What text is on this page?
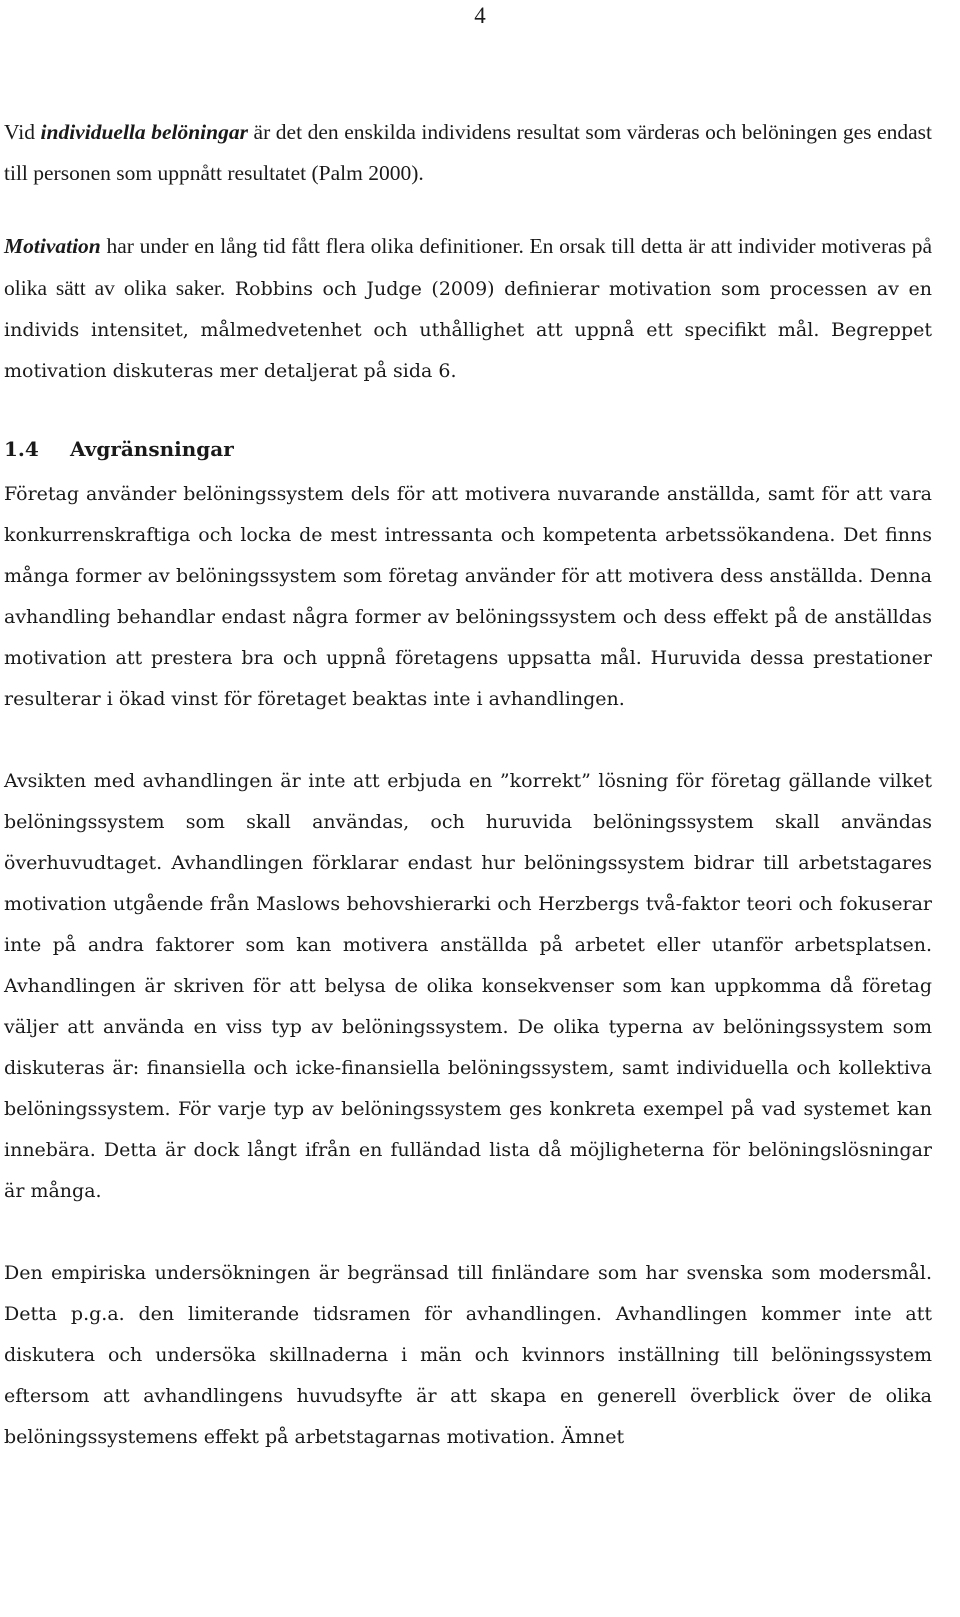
4

Vid individuella belöningar är det den enskilda individens resultat som värderas och belöningen ges endast till personen som uppnått resultatet (Palm 2000).

Motivation har under en lång tid fått flera olika definitioner. En orsak till detta är att individer motiveras på olika sätt av olika saker. Robbins och Judge (2009) definierar motivation som processen av en individs intensitet, målmedvetenhet och uthållighet att uppnå ett specifikt mål. Begreppet motivation diskuteras mer detaljerat på sida 6.

1.4 Avgränsningar

Företag använder belöningssystem dels för att motivera nuvarande anställda, samt för att vara konkurrenskraftiga och locka de mest intressanta och kompetenta arbetssökandena. Det finns många former av belöningssystem som företag använder för att motivera dess anställda. Denna avhandling behandlar endast några former av belöningssystem och dess effekt på de anställdas motivation att prestera bra och uppnå företagens uppsatta mål. Huruvida dessa prestationer resulterar i ökad vinst för företaget beaktas inte i avhandlingen.

Avsikten med avhandlingen är inte att erbjuda en ”korrekt” lösning för företag gällande vilket belöningssystem som skall användas, och huruvida belöningssystem skall användas överhuvudtaget. Avhandlingen förklarar endast hur belöningssystem bidrar till arbetstagares motivation utgående från Maslows behovshierarki och Herzbergs två-faktor teori och fokuserar inte på andra faktorer som kan motivera anställda på arbetet eller utanför arbetsplatsen. Avhandlingen är skriven för att belysa de olika konsekvenser som kan uppkomma då företag väljer att använda en viss typ av belöningssystem. De olika typerna av belöningssystem som diskuteras är: finansiella och icke-finansiella belöningssystem, samt individuella och kollektiva belöningssystem. För varje typ av belöningssystem ges konkreta exempel på vad systemet kan innebära. Detta är dock långt ifrån en fulländad lista då möjligheterna för belöningslösningar är många.

Den empiriska undersökningen är begränsad till finländare som har svenska som modersmål. Detta p.g.a. den limiterande tidsramen för avhandlingen. Avhandlingen kommer inte att diskutera och undersöka skillnaderna i män och kvinnors inställning till belöningssystem eftersom att avhandlingens huvudsyfte är att skapa en generell överblick över de olika belöningssystemens effekt på arbetstagarnas motivation. Ämnet
